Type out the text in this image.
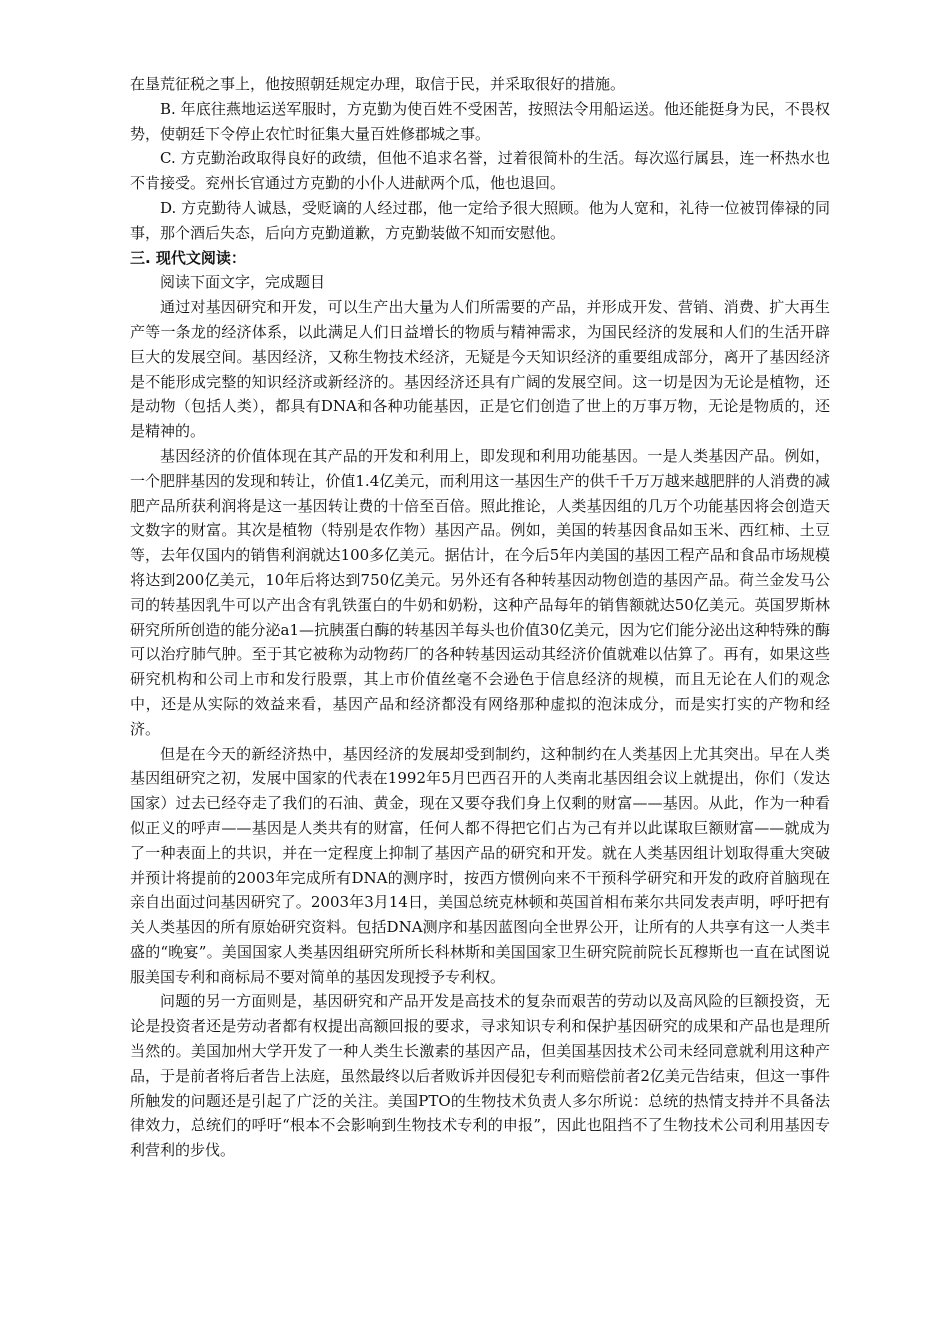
在垦荒征税之事上，他按照朝廷规定办理，取信于民，并采取很好的措施。

B. 年底往燕地运送军服时，方克勤为使百姓不受困苦，按照法令用船运送。他还能挺身为民，不畏权势，使朝廷下令停止农忙时征集大量百姓修郡城之事。

C. 方克勤治政取得良好的政绩，但他不追求名誉，过着很简朴的生活。每次巡行属县，连一杯热水也不肯接受。兖州长官通过方克勤的小仆人进献两个瓜，他也退回。

D. 方克勤待人诚恳，受贬谪的人经过郡，他一定给予很大照顾。他为人宽和，礼待一位被罚俸禄的同事，那个酒后失态，后向方克勤道歉，方克勤装做不知而安慰他。

三. 现代文阅读：

阅读下面文字，完成题目

通过对基因研究和开发，可以生产出大量为人们所需要的产品，并形成开发、营销、消费、扩大再生产等一条龙的经济体系，以此满足人们日益增长的物质与精神需求，为国民经济的发展和人们的生活开辟巨大的发展空间。基因经济，又称生物技术经济，无疑是今天知识经济的重要组成部分，离开了基因经济是不能形成完整的知识经济或新经济的。基因经济还具有广阔的发展空间。这一切是因为无论是植物，还是动物（包括人类），都具有DNA和各种功能基因，正是它们创造了世上的万事万物，无论是物质的，还是精神的。

基因经济的价值体现在其产品的开发和利用上，即发现和利用功能基因。一是人类基因产品。例如，一个肥胖基因的发现和转让，价值1.4亿美元，而利用这一基因生产的供千千万万越来越肥胖的人消费的减肥产品所获利润将是这一基因转让费的十倍至百倍。照此推论，人类基因组的几万个功能基因将会创造天文数字的财富。其次是植物（特别是农作物）基因产品。例如，美国的转基因食品如玉米、西红柿、土豆等，去年仅国内的销售利润就达100多亿美元。据估计，在今后5年内美国的基因工程产品和食品市场规模将达到200亿美元，10年后将达到750亿美元。另外还有各种转基因动物创造的基因产品。荷兰金发马公司的转基因乳牛可以产出含有乳铁蛋白的牛奶和奶粉，这种产品每年的销售额就达50亿美元。英国罗斯林研究所所创造的能分泌a1—抗胰蛋白酶的转基因羊每头也价值30亿美元，因为它们能分泌出这种特殊的酶可以治疗肺气肿。至于其它被称为动物药厂的各种转基因运动其经济价值就难以估算了。再有，如果这些研究机构和公司上市和发行股票，其上市价值丝毫不会逊色于信息经济的规模，而且无论在人们的观念中，还是从实际的效益来看，基因产品和经济都没有网络那种虚拟的泡沫成分，而是实打实的产物和经济。

但是在今天的新经济热中，基因经济的发展却受到制约，这种制约在人类基因上尤其突出。早在人类基因组研究之初，发展中国家的代表在1992年5月巴西召开的人类南北基因组会议上就提出，你们（发达国家）过去已经夺走了我们的石油、黄金，现在又要夺我们身上仅剩的财富——基因。从此，作为一种看似正义的呼声——基因是人类共有的财富，任何人都不得把它们占为己有并以此谋取巨额财富——就成为了一种表面上的共识，并在一定程度上抑制了基因产品的研究和开发。就在人类基因组计划取得重大突破并预计将提前的2003年完成所有DNA的测序时，按西方惯例向来不干预科学研究和开发的政府首脑现在亲自出面过问基因研究了。2003年3月14日，美国总统克林顿和英国首相布莱尔共同发表声明，呼吁把有关人类基因的所有原始研究资料。包括DNA测序和基因蓝图向全世界公开，让所有的人共享有这一人类丰盛的“晚宴”。美国国家人类基因组研究所所长科林斯和美国国家卫生研究院前院长瓦穆斯也一直在试图说服美国专利和商标局不要对简单的基因发现授予专利权。

问题的另一方面则是，基因研究和产品开发是高技术的复杂而艰苦的劳动以及高风险的巨额投资，无论是投资者还是劳动者都有权提出高额回报的要求，寻求知识专利和保护基因研究的成果和产品也是理所当然的。美国加州大学开发了一种人类生长激素的基因产品，但美国基因技术公司未经同意就利用这种产品，于是前者将后者告上法庭，虽然最终以后者败诉并因侵犯专利而赔偿前者2亿美元告结束，但这一事件所触发的问题还是引起了广泛的关注。美国PTO的生物技术负责人多尔所说：总统的热情支持并不具备法律效力，总统们的呼吁“根本不会影响到生物技术专利的申报”，因此也阻挡不了生物技术公司利用基因专利营利的步伐。
